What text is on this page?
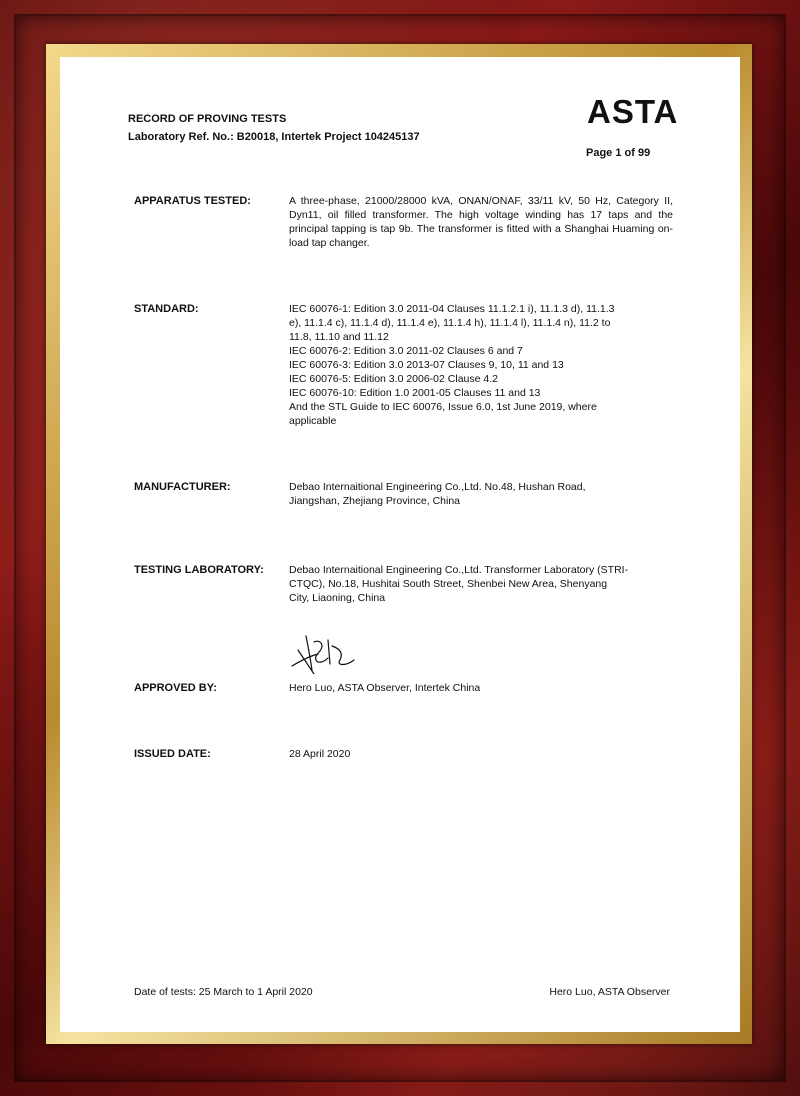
RECORD OF PROVING TESTS
Laboratory Ref. No.: B20018, Intertek Project 104245137
ASTA
Page 1 of 99
APPARATUS TESTED:	A three-phase, 21000/28000 kVA, ONAN/ONAF, 33/11 kV, 50 Hz, Category II, Dyn11, oil filled transformer. The high voltage winding has 17 taps and the principal tapping is tap 9b. The transformer is fitted with a Shanghai Huaming on-load tap changer.
STANDARD:	IEC 60076-1: Edition 3.0 2011-04 Clauses 11.1.2.1 i), 11.1.3 d), 11.1.3
e), 11.1.4 c), 11.1.4 d), 11.1.4 e), 11.1.4 h), 11.1.4 l), 11.1.4 n), 11.2 to
11.8, 11.10 and 11.12
IEC 60076-2: Edition 3.0 2011-02 Clauses 6 and 7
IEC 60076-3: Edition 3.0 2013-07 Clauses 9, 10, 11 and 13
IEC 60076-5: Edition 3.0 2006-02 Clause 4.2
IEC 60076-10: Edition 1.0 2001-05 Clauses 11 and 13
And the STL Guide to IEC 60076, Issue 6.0, 1st June 2019, where
applicable
MANUFACTURER:	Debao Internaitional Engineering Co.,Ltd. No.48, Hushan Road,
Jiangshan, Zhejiang Province, China
TESTING LABORATORY: Debao Internaitional Engineering Co.,Ltd. Transformer Laboratory (STRI-
CTQC), No.18, Hushitai South Street, Shenbei New Area, Shenyang
City, Liaoning, China
APPROVED BY:	Hero Luo, ASTA Observer, Intertek China
ISSUED DATE:	28 April 2020
Date of tests: 25 March to 1 April 2020	Hero Luo, ASTA Observer
